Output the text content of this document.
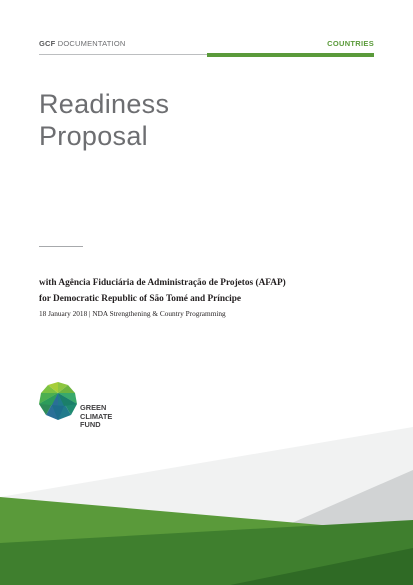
GCF DOCUMENTATION	COUNTRIES
Readiness
Proposal
with Agência Fiduciária de Administração de Projetos (AFAP)
for Democratic Republic of São Tomé and Príncipe
18 January 2018 | NDA Strengthening & Country Programming
GREEN
CLIMATE
FUND
